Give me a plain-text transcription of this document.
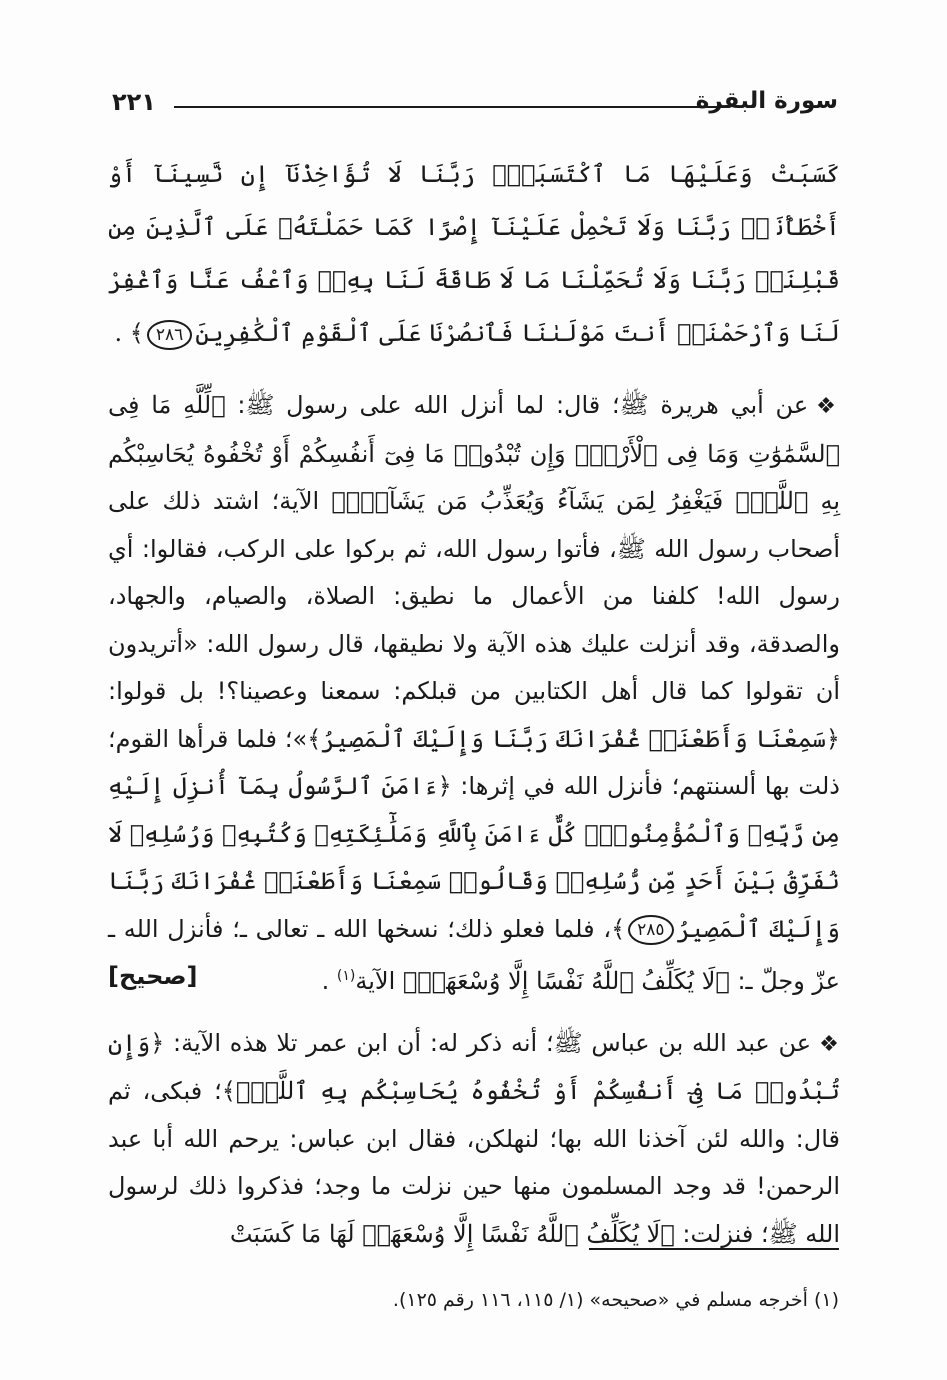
سورة البقرة
٢٢١

كَسَبَتْ وَعَلَيْهَا مَا ٱكْتَسَبَتْۗ رَبَّنَا لَا تُؤَاخِذْنَآ إِن نَّسِينَآ أَوْ أَخْطَأْنَاۚ رَبَّنَا وَلَا تَحْمِلْ عَلَيْنَآ إِصْرًا كَمَا حَمَلْتَهُۥ عَلَى ٱلَّذِينَ مِن قَبْلِنَاۚ رَبَّنَا وَلَا تُحَمِّلْنَا مَا لَا طَاقَةَ لَنَا بِهِۦۖ وَٱعْفُ عَنَّا وَٱغْفِرْ لَنَا وَٱرْحَمْنَآۚ أَنتَ مَوْلَىٰنَا فَٱنصُرْنَا عَلَى ٱلْقَوْمِ ٱلْكَٰفِرِينَ٢٨٦﴾ .

❖عن أبي هريرة ﷺ؛ قال: لما أنزل الله على رسول ﷺ: ﴿لِّلَّهِ مَا فِى ٱلسَّمَٰوَٰتِ وَمَا فِى ٱلْأَرْضِۗ وَإِن تُبْدُوا۟ مَا فِىٓ أَنفُسِكُمْ أَوْ تُخْفُوهُ يُحَاسِبْكُم بِهِ ٱللَّهُۖ فَيَغْفِرُ لِمَن يَشَآءُ وَيُعَذِّبُ مَن يَشَآءُۗ﴾ الآية؛ اشتد ذلك على أصحاب رسول الله ﷺ، فأتوا رسول الله، ثم بركوا على الركب، فقالوا: أي رسول الله! كلفنا من الأعمال ما نطيق: الصلاة، والصيام، والجهاد، والصدقة، وقد أنزلت عليك هذه الآية ولا نطيقها، قال رسول الله: «أتريدون أن تقولوا كما قال أهل الكتابين من قبلكم: سمعنا وعصينا؟! بل قولوا: ﴿سَمِعْنَا وَأَطَعْنَاۖ غُفْرَانَكَ رَبَّنَا وَإِلَيْكَ ٱلْمَصِيرُ﴾»؛ فلما قرأها القوم؛ ذلت بها ألسنتهم؛ فأنزل الله في إثرها: ﴿ءَامَنَ ٱلرَّسُولُ بِمَآ أُنزِلَ إِلَيْهِ مِن رَّبِّهِۦ وَٱلْمُؤْمِنُونَۚ كُلٌّ ءَامَنَ بِٱللَّهِ وَمَلَٰٓئِكَتِهِۦ وَكُتُبِهِۦ وَرُسُلِهِۦ لَا نُفَرِّقُ بَيْنَ أَحَدٍ مِّن رُّسُلِهِۦۚ وَقَالُوا۟ سَمِعْنَا وَأَطَعْنَاۖ غُفْرَانَكَ رَبَّنَا وَإِلَيْكَ ٱلْمَصِيرُ٢٨٥﴾، فلما فعلو ذلك؛ نسخها الله ـ تعالى ـ؛ فأنزل الله ـ عزّ وجلّ ـ: ﴿لَا يُكَلِّفُ ٱللَّهُ نَفْسًا إِلَّا وُسْعَهَاۚ﴾ الآية$^{(١)}$ .
[صحيح]

❖عن عبد الله بن عباس ﷺ؛ أنه ذكر له: أن ابن عمر تلا هذه الآية: ﴿وَإِن تُبْدُوا۟ مَا فِىٓ أَنفُسِكُمْ أَوْ تُخْفُوهُ يُحَاسِبْكُم بِهِ ٱللَّهُۖ﴾؛ فبكى، ثم قال: والله لئن آخذنا الله بها؛ لنهلكن، فقال ابن عباس: يرحم الله أبا عبد الرحمن! قد وجد المسلمون منها حين نزلت ما وجد؛ فذكروا ذلك لرسول الله ﷺ؛ فنزلت: ﴿لَا يُكَلِّفُ ٱللَّهُ نَفْسًا إِلَّا وُسْعَهَاۚ لَهَا مَا كَسَبَتْ

(١) أخرجه مسلم في «صحيحه» (١/ ١١٥، ١١٦ رقم ١٢٥).
